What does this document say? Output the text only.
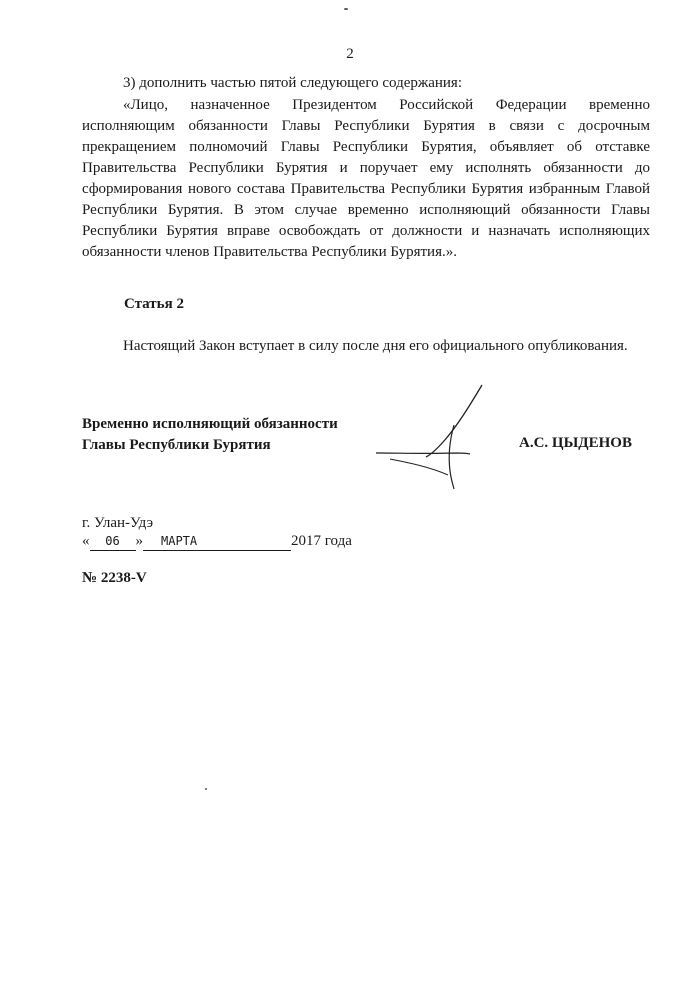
2
3) дополнить частью пятой следующего содержания:
«Лицо, назначенное Президентом Российской Федерации временно исполняющим обязанности Главы Республики Бурятия в связи с досрочным прекращением полномочий Главы Республики Бурятия, объявляет об отставке Правительства Республики Бурятия и поручает ему исполнять обязанности до сформирования нового состава Правительства Республики Бурятия избранным Главой Республики Бурятия. В этом случае временно исполняющий обязанности Главы Республики Бурятия вправе освобождать от должности и назначать исполняющих обязанности членов Правительства Республики Бурятия.».
Статья 2
Настоящий Закон вступает в силу после дня его официального опубликования.
Временно исполняющий обязанности
Главы Республики Бурятия	А.С. ЦЫДЕНОВ
г. Улан-Удэ
« 06 » МАРТА	2017 года
№ 2238-V
